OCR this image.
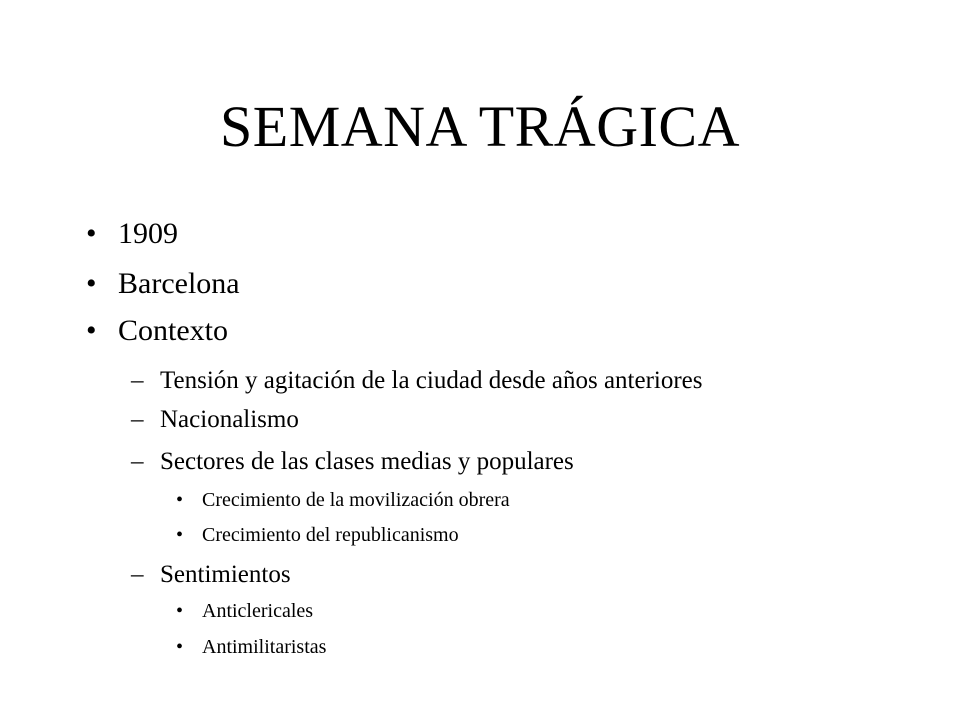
SEMANA TRÁGICA
• 1909
• Barcelona
• Contexto
– Tensión y agitación de la ciudad desde años anteriores
– Nacionalismo
– Sectores de las clases medias y populares
• Crecimiento de la movilización obrera
• Crecimiento del republicanismo
– Sentimientos
• Anticlericales
• Antimilitaristas
